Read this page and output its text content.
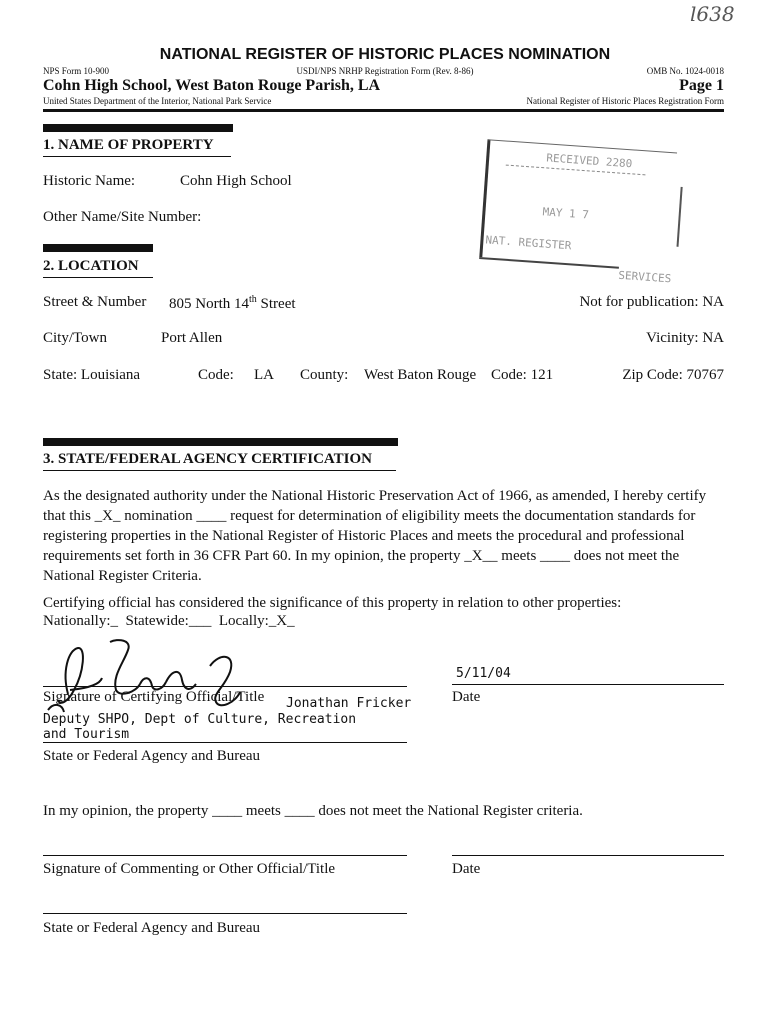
l638
NATIONAL REGISTER OF HISTORIC PLACES NOMINATION
NPS Form 10-900	USDI/NPS NRHP Registration Form (Rev. 8-86)	OMB No. 1024-0018
Cohn High School, West Baton Rouge Parish, LA	Page 1
United States Department of the Interior, National Park Service	National Register of Historic Places Registration Form
RECEIVED 2280
MAY 1 7
NAT. REGISTER
SERVICES
1. NAME OF PROPERTY
Historic Name:	Cohn High School
Other Name/Site Number:
2. LOCATION
Street & Number 805 North 14th Street	Not for publication: NA
City/Town	Port Allen	Vicinity: NA
State: Louisiana	Code: LA County: West Baton Rouge Code: 121	Zip Code: 70767
3. STATE/FEDERAL AGENCY CERTIFICATION

As the designated authority under the National Historic Preservation Act of 1966, as amended, I hereby certify that this _X_ nomination ____ request for determination of eligibility meets the documentation standards for registering properties in the National Register of Historic Places and meets the procedural and professional requirements set forth in 36 CFR Part 60. In my opinion, the property _X__ meets ____ does not meet the National Register Criteria.

Certifying official has considered the significance of this property in relation to other properties:
Nationally:_ Statewide:___ Locally:_X_
Signature of Certifying Official/Title Jonathan Fricker
Deputy SHPO, Dept of Culture, Recreation
and Tourism
State or Federal Agency and Bureau
5/11/04
Date
In my opinion, the property ____ meets ____ does not meet the National Register criteria.
Signature of Commenting or Other Official/Title	Date
State or Federal Agency and Bureau
